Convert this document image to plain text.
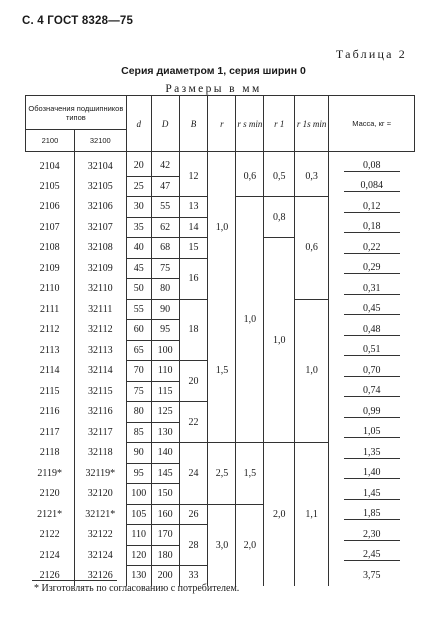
С. 4 ГОСТ 8328—75
Таблица 2
Серия диаметром 1, серия ширин 0
Размеры в мм
Обозначения подшипников типов		d	D	B	r	r s min	r 1	r 1s min	Масса, кг ≈
2100	32100								
2104	32104	20	42	12	1,0	0,6	0,5	0,3	0,08
2105	32105	25	47						0,084
2106	32106	30	55	13		1,0	0,8	0,6	0,12
2107	32107	35	62	14					0,18
2108	32108	40	68	15			1,0		0,22
2109	32109	45	75	16					0,29
2110	32110	50	80						0,31
2111	32111	55	90	18	1,5			1,0	0,45
2112	32112	60	95						0,48
2113	32113	65	100						0,51
2114	32114	70	110	20					0,70
2115	32115	75	115						0,74
2116	32116	80	125	22					0,99
2117	32117	85	130						1,05
2118	32118	90	140	24	2,5	1,5	2,0	1,1	1,35
2119*	32119*	95	145						1,40
2120	32120	100	150						1,45
2121*	32121*	105	160	26	3,0	2,0			1,85
2122	32122	110	170	28					2,30
2124	32124	120	180						2,45
2126	32126	130	200	33					3,75
* Изготовлять по согласованию с потребителем.
